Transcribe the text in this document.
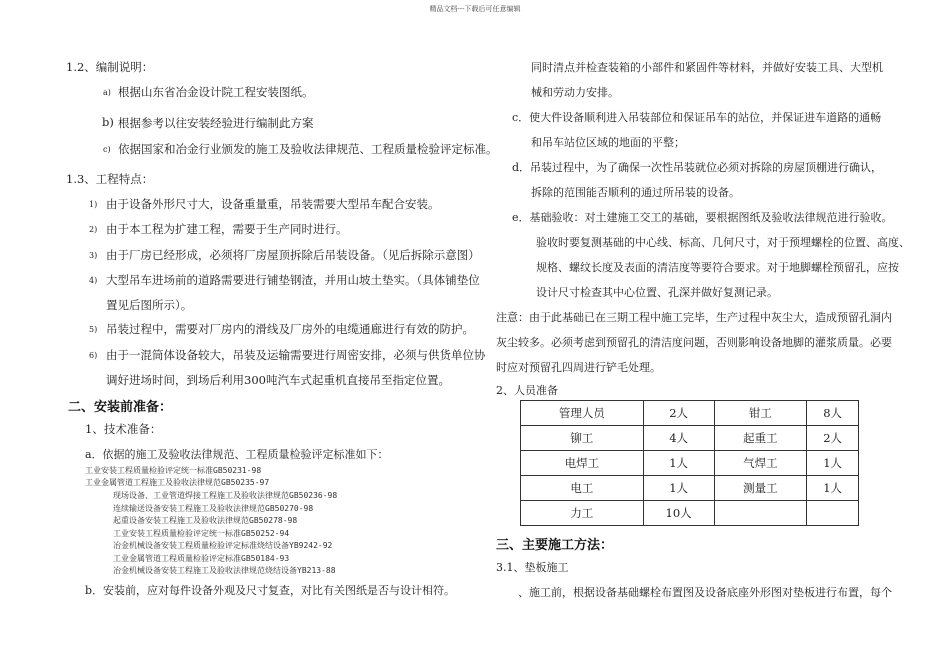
精品文档---下载后可任意编辑
1.2、编制说明：
a) 根据山东省冶金设计院工程安装图纸。
b) 根据参考以往安装经验进行编制此方案
c) 依据国家和冶金行业颁发的施工及验收法律规范、工程质量检验评定标准。
1.3、工程特点：
1) 由于设备外形尺寸大，设备重量重，吊装需要大型吊车配合安装。
2) 由于本工程为扩建工程，需要于生产同时进行。
3) 由于厂房已经形成，必须将厂房屋顶拆除后吊装设备。（见后拆除示意图）
4) 大型吊车进场前的道路需要进行铺垫钢渣，并用山坡土垫实。（具体铺垫位
置见后图所示）。
5) 吊装过程中，需要对厂房内的滑线及厂房外的电缆通廊进行有效的防护。
6) 由于一混筒体设备较大，吊装及运输需要进行周密安排，必须与供货单位协
调好进场时间，到场后利用300吨汽车式起重机直接吊至指定位置。
二、安装前准备：
1、技术准备：
a．依据的施工及验收法律规范、工程质量检验评定标准如下：
工业安装工程质量检验评定统一标准GB50231-98
工业金属管道工程施工及验收法律规范GB50235-97
现场设备、工业管道焊接工程施工及验收法律规范GB50236-98
连续输送设备安装工程施工及验收法律规范GB50270-98
起重设备安装工程施工及验收法律规范GB50278-98
工业安装工程质量检验评定统一标准GB50252-94
冶金机械设备安装工程质量检验评定标准烧结设备YB9242-92
工业金属管道工程质量检验评定标准GB50184-93
冶金机械设备安装工程施工及验收法律规范烧结设备YB213-88
b．安装前，应对每件设备外观及尺寸复查，对比有关图纸是否与设计相符。
同时清点并检查装箱的小部件和紧固件等材料，并做好安装工具、大型机
械和劳动力安排。
c．使大件设备顺利进入吊装部位和保证吊车的站位，并保证进车道路的通畅
和吊车站位区域的地面的平整；
d．吊装过程中，为了确保一次性吊装就位必须对拆除的房屋顶棚进行确认，
拆除的范围能否顺利的通过所吊装的设备。
e．基础验收：对土建施工交工的基础，要根据图纸及验收法律规范进行验收。
验收时要复测基础的中心线、标高、几何尺寸，对于预埋螺栓的位置、高度、
规格、螺纹长度及表面的清洁度等要符合要求。对于地脚螺栓预留孔，应按
设计尺寸检查其中心位置、孔深并做好复测记录。
注意：由于此基础已在三期工程中施工完毕，生产过程中灰尘大，造成预留孔洞内
灰尘较多。必须考虑到预留孔的清洁度问题，否则影响设备地脚的灌浆质量。必要
时应对预留孔四周进行铲毛处理。
2、人员准备
管理人员	2人	钳工	8人
铆工	4人	起重工	2人
电焊工	1人	气焊工	1人
电工	1人	测量工	1人
力工	10人		
三、主要施工方法：
3.1、垫板施工
、施工前，根据设备基础螺栓布置图及设备底座外形图对垫板进行布置，每个
